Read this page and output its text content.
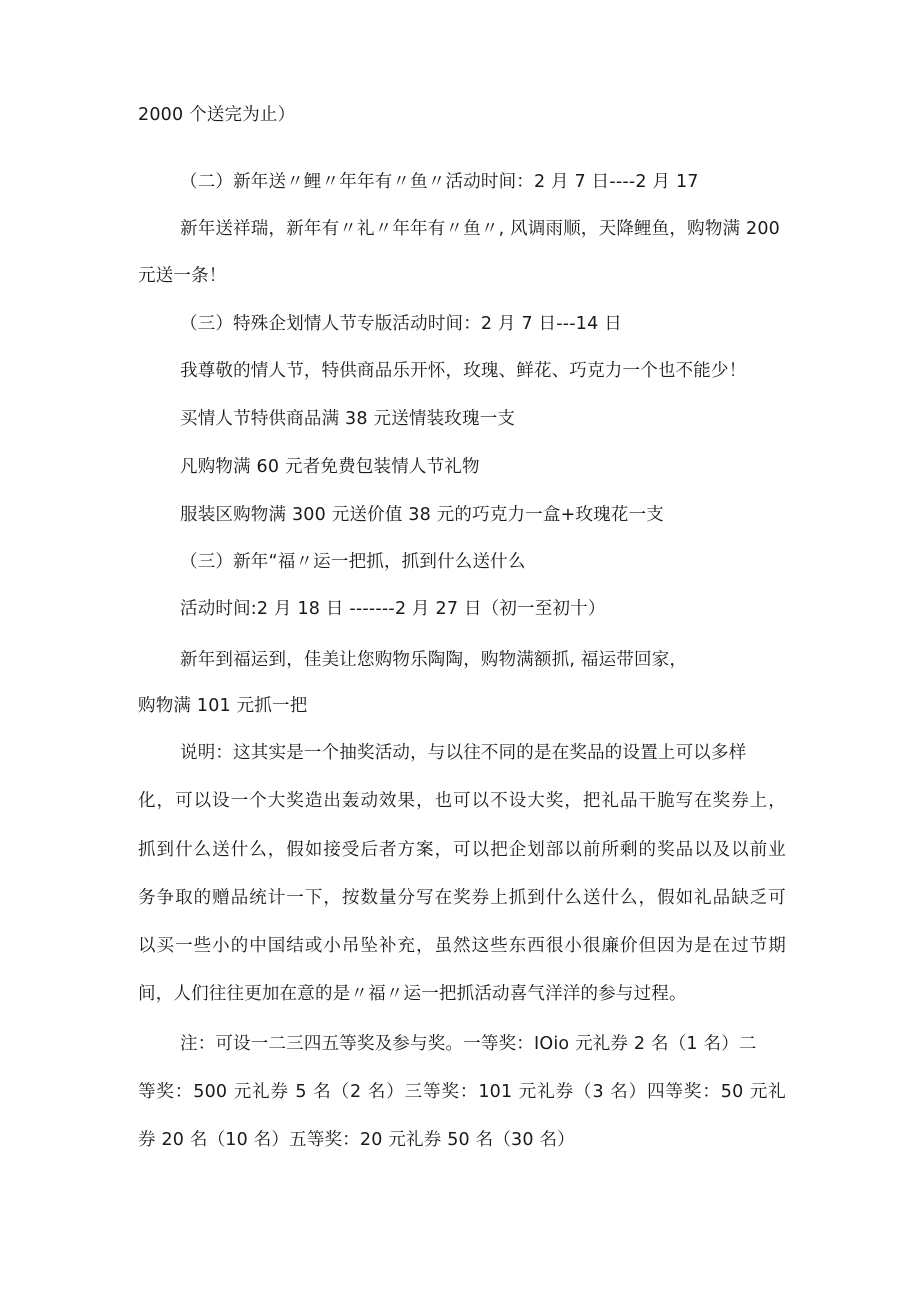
2000 个送完为止）
（二）新年送〃鲤〃年年有〃鱼〃活动时间：2 月 7 日----2 月 17
新年送祥瑞，新年有〃礼〃年年有〃鱼〃, 风调雨顺，天降鲤鱼，购物满 200
元送一条！
（三）特殊企划情人节专版活动时间：2 月 7 日---14 日
我尊敬的情人节，特供商品乐开怀，玫瑰、鲜花、巧克力一个也不能少！
买情人节特供商品满 38 元送情装玫瑰一支
凡购物满 60 元者免费包装情人节礼物
服装区购物满 300 元送价值 38 元的巧克力一盒+玫瑰花一支
（三）新年“福〃运一把抓，抓到什么送什么
活动时间:2 月 18 日 -------2 月 27 日（初一至初十）
新年到福运到，佳美让您购物乐陶陶，购物满额抓, 福运带回家，
购物满 101 元抓一把
说明：这其实是一个抽奖活动，与以往不同的是在奖品的设置上可以多样
化，可以设一个大奖造出轰动效果，也可以不设大奖，把礼品干脆写在奖券上，
抓到什么送什么，假如接受后者方案，可以把企划部以前所剩的奖品以及以前业
务争取的赠品统计一下，按数量分写在奖券上抓到什么送什么，假如礼品缺乏可
以买一些小的中国结或小吊坠补充，虽然这些东西很小很廉价但因为是在过节期
间，人们往往更加在意的是〃福〃运一把抓活动喜气洋洋的参与过程。
注：可设一二三四五等奖及参与奖。一等奖：IOio 元礼券 2 名（1 名）二
等奖：500 元礼券 5 名（2 名）三等奖：101 元礼券（3 名）四等奖：50 元礼
券 20 名（10 名）五等奖：20 元礼券 50 名（30 名）
